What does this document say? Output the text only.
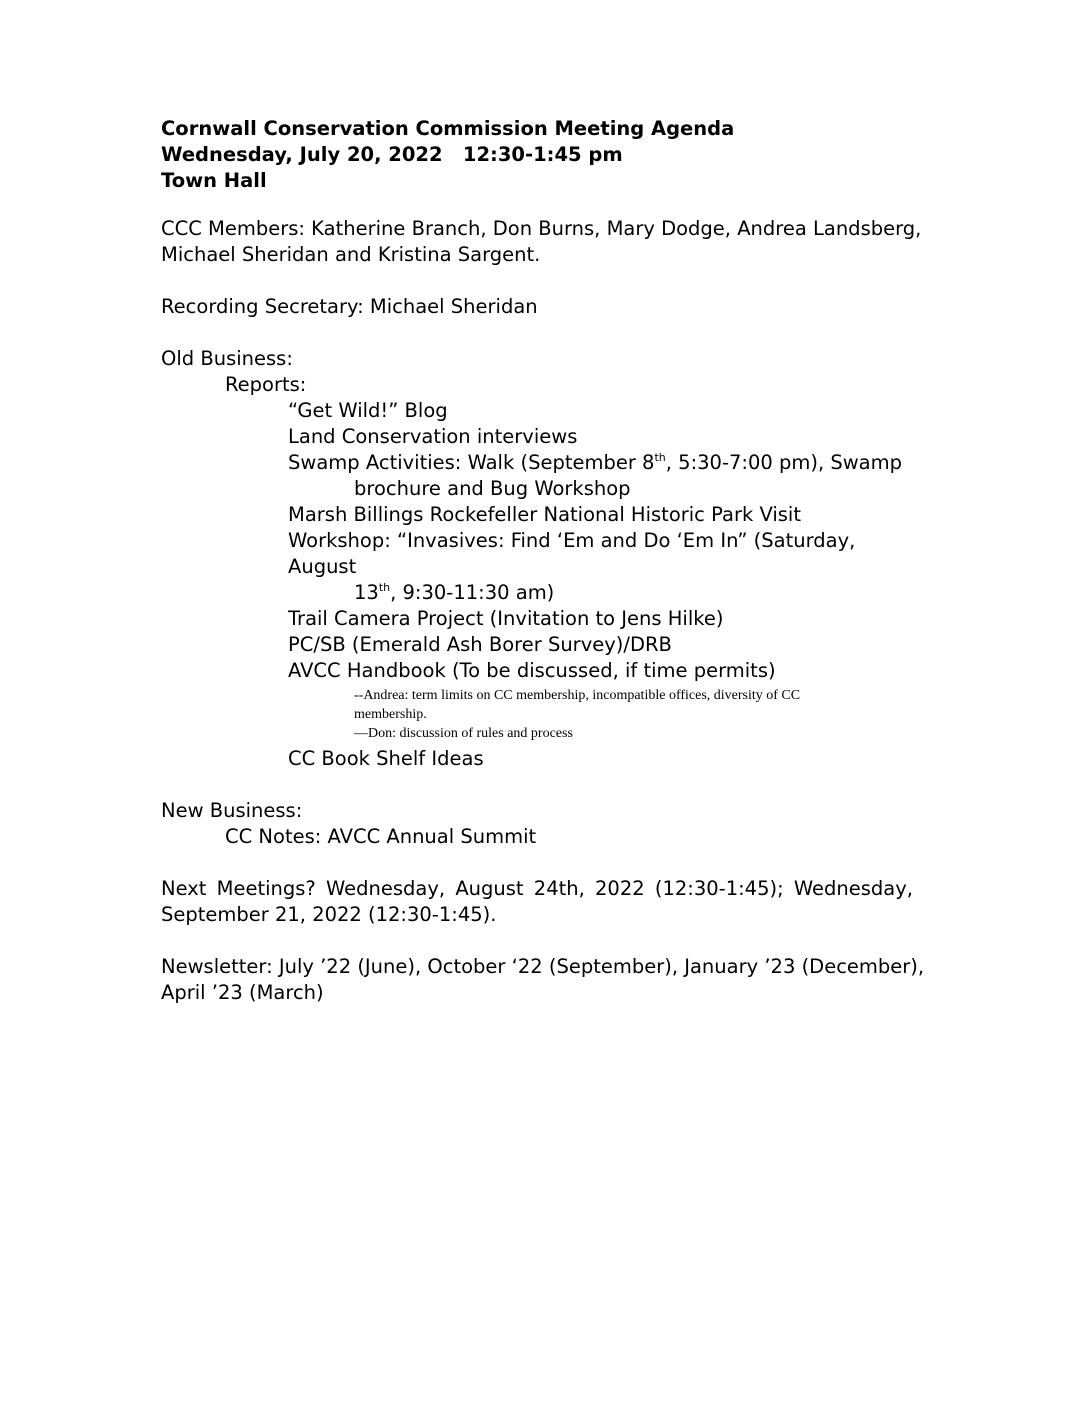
Cornwall Conservation Commission Meeting Agenda
Wednesday, July 20, 2022   12:30-1:45 pm
Town Hall
CCC Members: Katherine Branch, Don Burns, Mary Dodge, Andrea Landsberg,
Michael Sheridan and Kristina Sargent.
Recording Secretary: Michael Sheridan
Old Business:
Reports:
“Get Wild!” Blog
Land Conservation interviews
Swamp Activities: Walk (September 8th, 5:30-7:00 pm), Swamp
brochure and Bug Workshop
Marsh Billings Rockefeller National Historic Park Visit
Workshop: “Invasives: Find ‘Em and Do ‘Em In” (Saturday, August
13th, 9:30-11:30 am)
Trail Camera Project (Invitation to Jens Hilke)
PC/SB (Emerald Ash Borer Survey)/DRB
AVCC Handbook (To be discussed, if time permits)
--Andrea: term limits on CC membership, incompatible offices, diversity of CC
membership.
—Don: discussion of rules and process
CC Book Shelf Ideas
New Business:
CC Notes: AVCC Annual Summit
Next Meetings? Wednesday, August 24th, 2022 (12:30-1:45); Wednesday,
September 21, 2022 (12:30-1:45).
Newsletter: July ’22 (June), October ‘22 (September), January ’23 (December),
April ’23 (March)
